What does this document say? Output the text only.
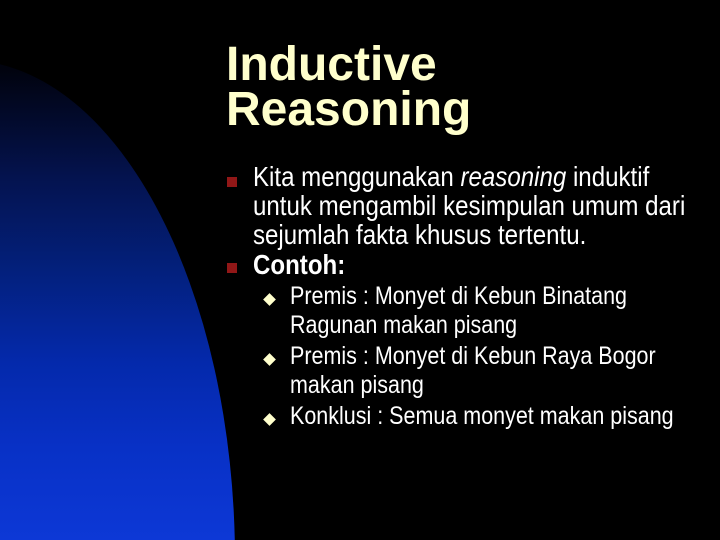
Inductive
Reasoning
Kita menggunakan reasoning induktif untuk mengambil kesimpulan umum dari sejumlah fakta khusus tertentu.
Contoh:
Premis : Monyet di Kebun Binatang Ragunan makan pisang
Premis : Monyet di Kebun Raya Bogor makan pisang
Konklusi : Semua monyet makan pisang
